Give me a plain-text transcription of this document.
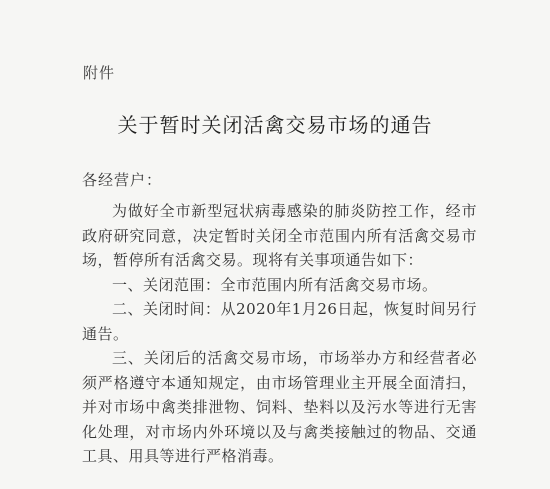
附件
关于暂时关闭活禽交易市场的通告
各经营户：

为做好全市新型冠状病毒感染的肺炎防控工作，经市政府研究同意，决定暂时关闭全市范围内所有活禽交易市场，暂停所有活禽交易。现将有关事项通告如下：

一、关闭范围：全市范围内所有活禽交易市场。

二、关闭时间：从2020年1月26日起，恢复时间另行通告。

三、关闭后的活禽交易市场，市场举办方和经营者必须严格遵守本通知规定，由市场管理业主开展全面清扫，并对市场中禽类排泄物、饲料、垫料以及污水等进行无害化处理，对市场内外环境以及与禽类接触过的物品、交通工具、用具等进行严格消毒。
